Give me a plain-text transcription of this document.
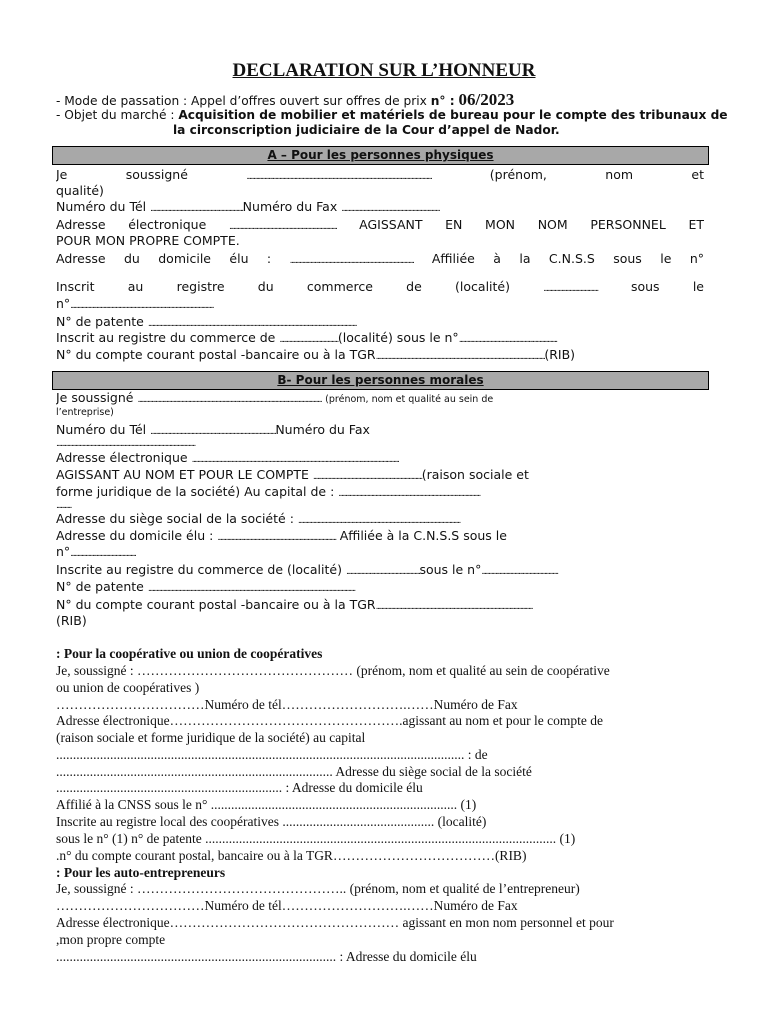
DECLARATION SUR L’HONNEUR
- Mode de passation : Appel d’offres ouvert sur offres de prix n° : 06/2023
- Objet du marché : Acquisition de mobilier et matériels de bureau pour le compte des tribunaux de
la circonscription judiciaire de la Cour d’appel de Nador.
A – Pour les personnes physiques
Je soussigné	........................................................................................................................................	(prénom, nom et
qualité)
Numéro du Tél ....................................................................Numéro du Fax ........................................................................
Adresse électronique	............................................................................... AGISSANT EN MON NOM PERSONNEL ET
POUR MON PROPRE COMPTE.
Adresse du domicile élu : ........................................................................................... Affiliée à la C.N.S.S sous le n°
Inscrit au registre du commerce de (localité)	........................................	sous le
n°.........................................................................................................
N° de patente .........................................................................................................................................................
Inscrit au registre du commerce de ...........................................(localité) sous le n°........................................................................
N° du compte courant postal -bancaire ou à la TGR............................................................................................................................(RIB)
B- Pour les personnes morales
Je soussigné ....................................................................................................................................... (prénom, nom et qualité au sein de
l’entreprise)
Numéro du Tél ............................................................................................Numéro du Fax
......................................................................................................
Adresse électronique ........................................................................................................................................................
AGISSANT AU NOM ET POUR LE COMPTE ................................................................................(raison sociale et
forme juridique de la société) Au capital de : ........................................................................................................
...........
Adresse du siège social de la société : .......................................................................................................................
Adresse du domicile élu : ....................................................................................... Affiliée à la C.N.S.S sous le
n°................................................
Inscrite au registre du commerce de (localité) ......................................................sous le n°........................................................
N° de patente ........................................................................................................................................................
N° du compte courant postal -bancaire ou à la TGR...................................................................................................................
(RIB)
: Pour la coopérative ou union de coopératives
Je, soussigné : ………………………………………… (prénom, nom et qualité au sein de coopérative
ou union de coopératives )
……………………………Numéro de tél……………………….……Numéro de Fax
Adresse électronique…………………………………………….agissant au nom et pour le compte de
(raison sociale et forme juridique de la société) au capital
......................................................................................................................... : de
.................................................................................. Adresse du siège social de la société
................................................................... : Adresse du domicile élu
Affilié à la CNSS sous le n° ......................................................................... (1)
Inscrite au registre local des coopératives ............................................. (localité)
sous le n° (1) n° de patente ........................................................................................................ (1)
.n° du compte courant postal, bancaire ou à la TGR………………………………(RIB)
: Pour les auto-entrepreneurs
Je, soussigné : ……………………………………….. (prénom, nom et qualité de l’entrepreneur)
……………………………Numéro de tél……………………….……Numéro de Fax
Adresse électronique…………………………………………… agissant en mon nom personnel et pour
,mon propre compte
................................................................................... : Adresse du domicile élu
